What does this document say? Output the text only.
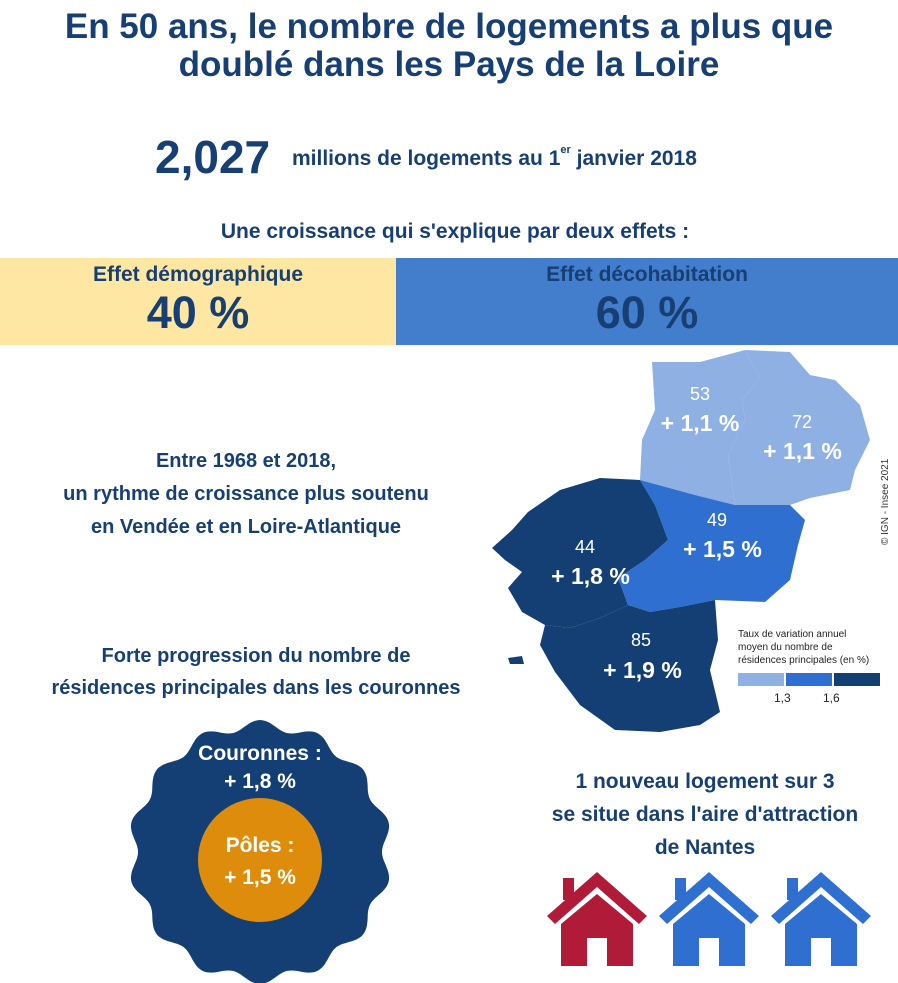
En 50 ans, le nombre de logements a plus que
doublé dans les Pays de la Loire
2,027 millions de logements au 1er janvier 2018
Une croissance qui s'explique par deux effets :
Effet démographique
40 %
Effet décohabitation
60 %
Entre 1968 et 2018,
un rythme de croissance plus soutenu
en Vendée et en Loire-Atlantique
53
+ 1,1 %	72
+ 1,1 %
49
+ 1,5 %
44
+ 1,8 %
85
+ 1,9 %
© IGN - Insee 2021
Taux de variation annuel
moyen du nombre de
résidences principales (en %)
1,3	1,6
Forte progression du nombre de
résidences principales dans les couronnes
Couronnes :
+ 1,8 %
Pôles :
+ 1,5 %
1 nouveau logement sur 3
se situe dans l'aire d'attraction
de Nantes
